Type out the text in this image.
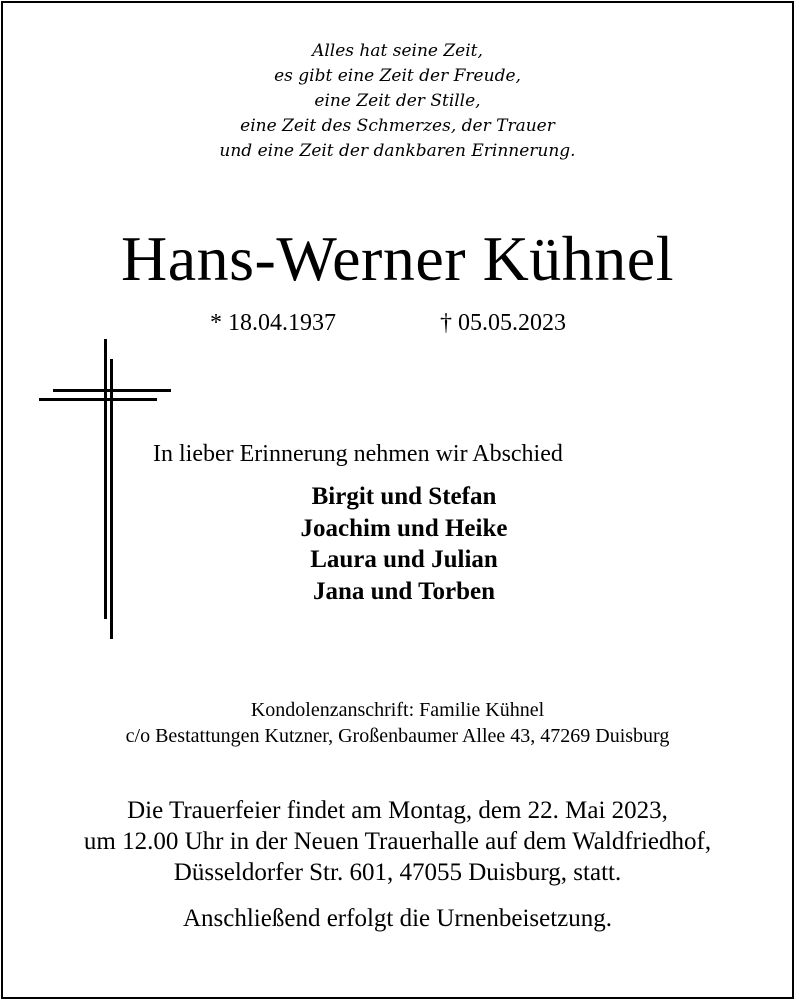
Alles hat seine Zeit,
es gibt eine Zeit der Freude,
eine Zeit der Stille,
eine Zeit des Schmerzes, der Trauer
und eine Zeit der dankbaren Erinnerung.
Hans-Werner Kühnel
* 18.04.1937	† 05.05.2023
In lieber Erinnerung nehmen wir Abschied
Birgit und Stefan
Joachim und Heike
Laura und Julian
Jana und Torben
Kondolenzanschrift: Familie Kühnel
c/o Bestattungen Kutzner, Großenbaumer Allee 43, 47269 Duisburg
Die Trauerfeier findet am Montag, dem 22. Mai 2023,
um 12.00 Uhr in der Neuen Trauerhalle auf dem Waldfriedhof,
Düsseldorfer Str. 601, 47055 Duisburg, statt.
Anschließend erfolgt die Urnenbeisetzung.
